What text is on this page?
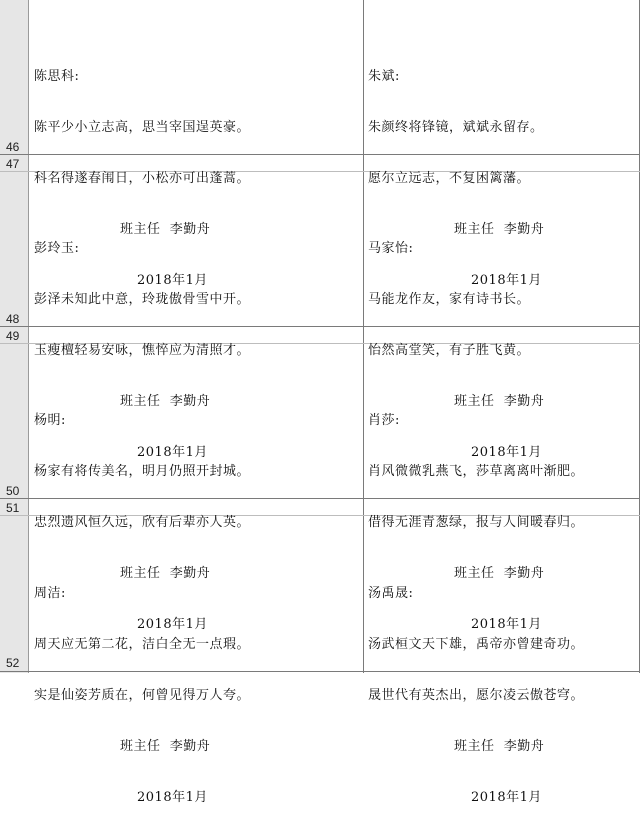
46
47
48
49
50
51
52

陈思科:

陈平少小立志高，思当宰国逞英豪。

科名得遂春闱日，小松亦可出蓬蒿。

班主任  李勤舟

2018年1月

朱斌:

朱颜终将锋镜，斌斌永留存。

愿尔立远志，不复困篱藩。

班主任  李勤舟

2018年1月

彭玲玉:

彭泽未知此中意，玲珑傲骨雪中开。

玉瘦檀轻易安咏，憔悴应为清照才。

班主任  李勤舟

2018年1月

马家怡:

马能龙作友，家有诗书长。

怡然高堂笑，有子胜飞黄。

班主任  李勤舟

2018年1月

杨明:

杨家有将传美名，明月仍照开封城。

忠烈遗风恒久远，欣有后辈亦人英。

班主任  李勤舟

2018年1月

肖莎:

肖风微微乳燕飞，莎草离离叶渐肥。

借得无涯青葱绿，报与人间暖春归。

班主任  李勤舟

2018年1月

周洁:

周天应无第二花，洁白全无一点瑕。

实是仙姿芳质在，何曾见得万人夸。

班主任  李勤舟

2018年1月

汤禹晟:

汤武桓文天下雄，禹帝亦曾建奇功。

晟世代有英杰出，愿尔凌云傲苍穹。

班主任  李勤舟

2018年1月
